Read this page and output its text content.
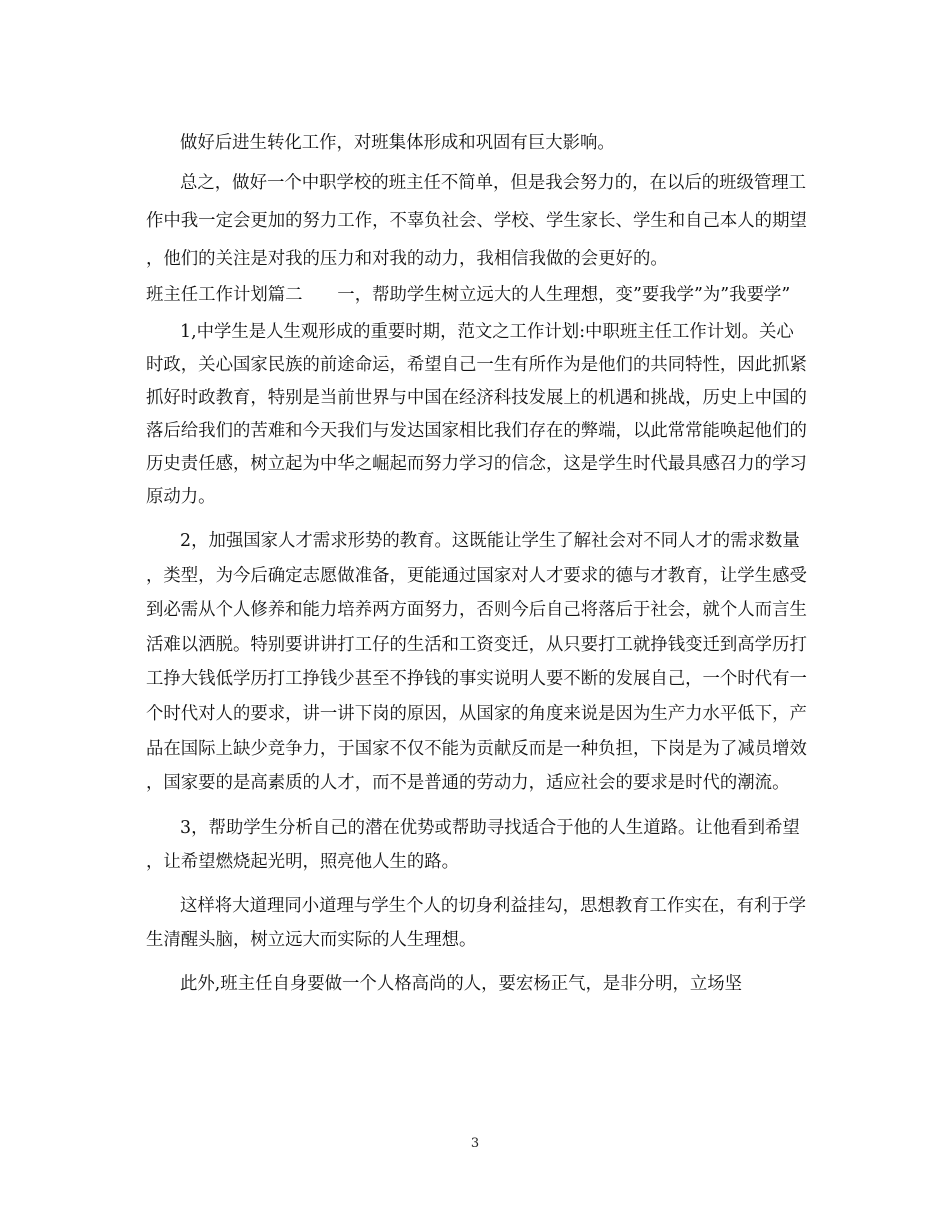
做好后进生转化工作，对班集体形成和巩固有巨大影响。

总之，做好一个中职学校的班主任不简单，但是我会努力的，在以后的班级管理工作中我一定会更加的努力工作，不辜负社会、学校、学生家长、学生和自己本人的期望，他们的关注是对我的压力和对我的动力，我相信我做的会更好的。

班主任工作计划篇二　　一，帮助学生树立远大的人生理想，变”要我学”为”我要学”

1,中学生是人生观形成的重要时期，范文之工作计划:中职班主任工作计划。关心时政，关心国家民族的前途命运，希望自己一生有所作为是他们的共同特性，因此抓紧抓好时政教育，特别是当前世界与中国在经济科技发展上的机遇和挑战，历史上中国的落后给我们的苦难和今天我们与发达国家相比我们存在的弊端，以此常常能唤起他们的历史责任感，树立起为中华之崛起而努力学习的信念，这是学生时代最具感召力的学习原动力。

2，加强国家人才需求形势的教育。这既能让学生了解社会对不同人才的需求数量，类型，为今后确定志愿做准备，更能通过国家对人才要求的德与才教育，让学生感受到必需从个人修养和能力培养两方面努力，否则今后自己将落后于社会，就个人而言生活难以洒脱。特别要讲讲打工仔的生活和工资变迁，从只要打工就挣钱变迁到高学历打工挣大钱低学历打工挣钱少甚至不挣钱的事实说明人要不断的发展自己，一个时代有一个时代对人的要求，讲一讲下岗的原因，从国家的角度来说是因为生产力水平低下，产品在国际上缺少竞争力，于国家不仅不能为贡献反而是一种负担，下岗是为了减员增效，国家要的是高素质的人才，而不是普通的劳动力，适应社会的要求是时代的潮流。

3，帮助学生分析自己的潜在优势或帮助寻找适合于他的人生道路。让他看到希望，让希望燃烧起光明，照亮他人生的路。

这样将大道理同小道理与学生个人的切身利益挂勾，思想教育工作实在，有利于学生清醒头脑，树立远大而实际的人生理想。

此外,班主任自身要做一个人格高尚的人，要宏杨正气，是非分明，立场坚

3
